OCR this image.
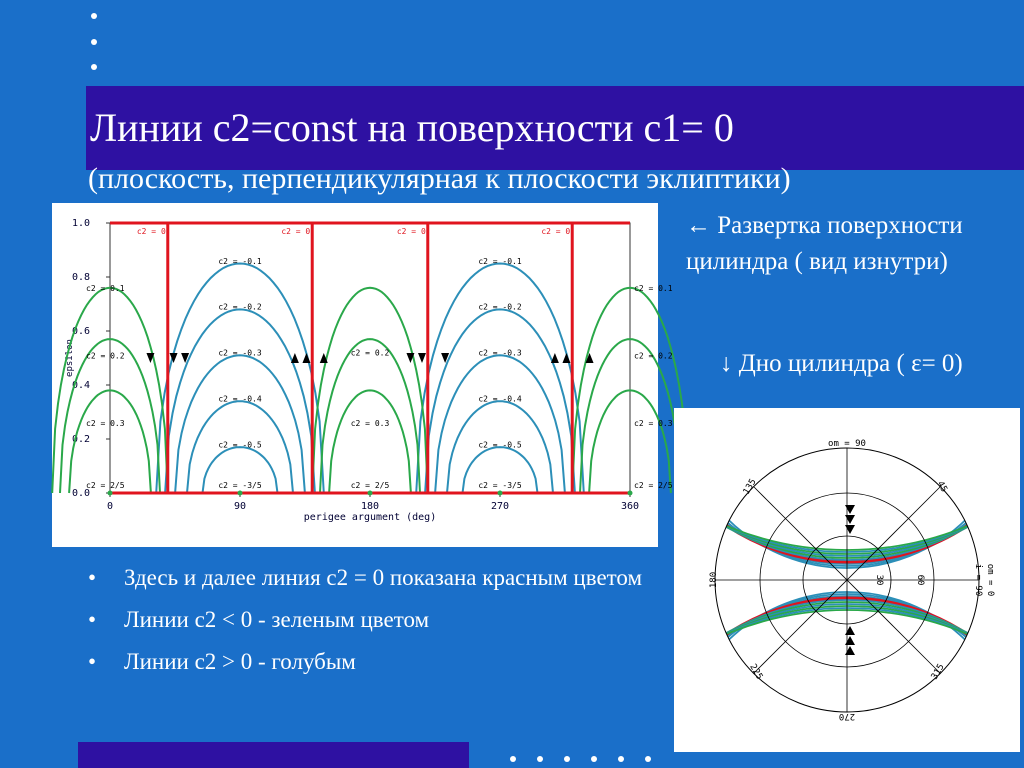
Линии c2=const на поверхности c1= 0
(плоскость, перпендикулярная к плоскости эклиптики)
0	90	180	270	360
0.0
0.2
0.4
0.6
0.8
1.0
perigee argument (deg)
epsilon
c2 = 0	c2 = 0	c2 = 0	c2 = 0
c2 = 0.1
c2 = 0.2
c2 = 0.3
c2 = 2/5
c2 = 0.1
c2 = 0.2
c2 = 0.3
c2 = 2/5
c2 = -0.1	c2 = -0.1
c2 = -0.2	c2 = -0.2
c2 = -0.3	c2 = -0.3
c2 = -0.4	c2 = -0.4
c2 = -0.5	c2 = -0.5
c2 = -3/5	c2 = -3/5
c2 = 0.2
c2 = 0.3
c2 = 2/5
← Развертка поверхности
цилиндра ( вид изнутри)
↓ Дно цилиндра ( ε= 0)
• Здесь и далее линия c2 = 0 показана красным цветом
• Линии c2 < 0 - зеленым цветом
• Линии c2 > 0 - голубым
om = 90
135	45
180	om = 0
i = 90
30	60
225	315
270
